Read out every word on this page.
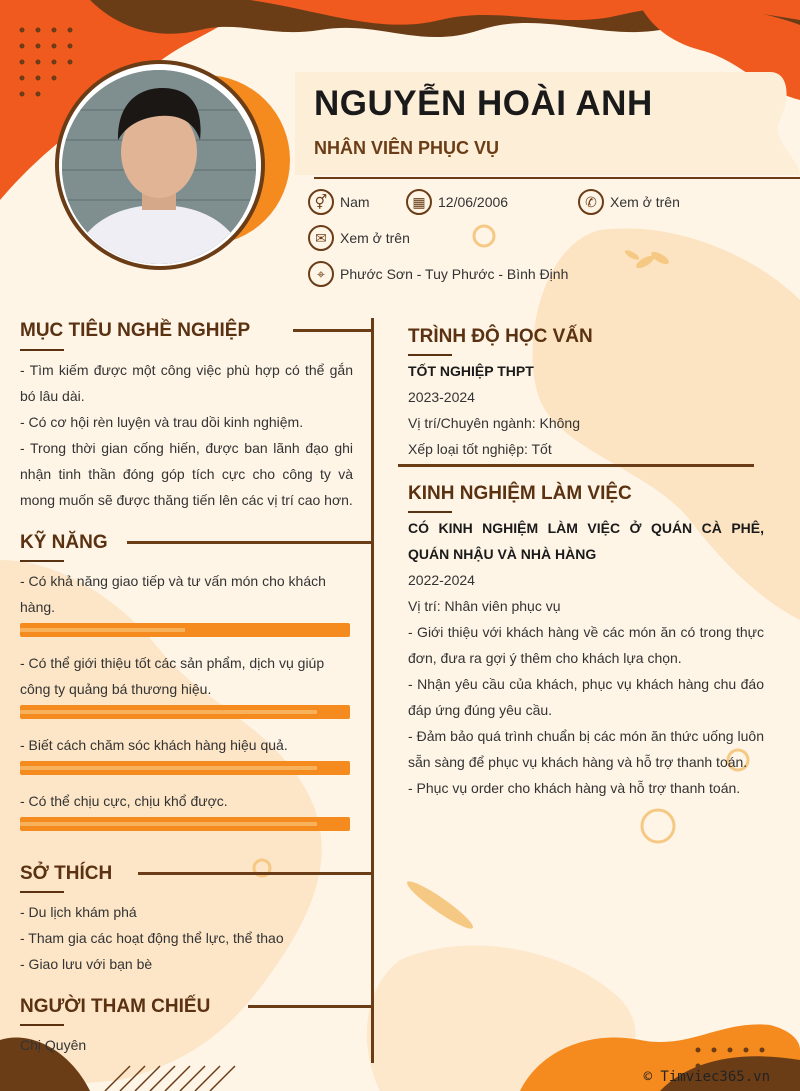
NGUYỄN HOÀI ANH
NHÂN VIÊN PHỤC VỤ
⚥ Nam	▦ 12/06/2006	✆ Xem ở trên
✉ Xem ở trên
⌖	Phước Sơn - Tuy Phước - Bình Định
MỤC TIÊU NGHỀ NGHIỆP

- Tìm kiếm được một công việc phù hợp có thể gắn bó lâu dài.

- Có cơ hội rèn luyện và trau dồi kinh nghiệm.

- Trong thời gian cống hiến, được ban lãnh đạo ghi nhận tinh thần đóng góp tích cực cho công ty và mong muốn sẽ được thăng tiến lên các vị trí cao hơn.

KỸ NĂNG
- Có khả năng giao tiếp và tư vấn món cho khách hàng.
- Có thể giới thiệu tốt các sản phẩm, dịch vụ giúp công ty quảng bá thương hiệu.
- Biết cách chăm sóc khách hàng hiệu quả.
- Có thể chịu cực, chịu khổ được.
SỞ THÍCH
- Du lịch khám phá
- Tham gia các hoạt động thể lực, thể thao
- Giao lưu với bạn bè
NGƯỜI THAM CHIẾU
Chị Quyên
TRÌNH ĐỘ HỌC VẤN
TỐT NGHIỆP THPT
2023-2024
Vị trí/Chuyên ngành: Không
Xếp loại tốt nghiệp: Tốt
KINH NGHIỆM LÀM VIỆC

CÓ KINH NGHIỆM LÀM VIỆC Ở QUÁN CÀ PHÊ, QUÁN NHẬU VÀ NHÀ HÀNG

2022-2024

Vị trí: Nhân viên phục vụ

- Giới thiệu với khách hàng về các món ăn có trong thực đơn, đưa ra gợi ý thêm cho khách lựa chọn.

- Nhận yêu cầu của khách, phục vụ khách hàng chu đáo đáp ứng đúng yêu cầu.

- Đảm bảo quá trình chuẩn bị các món ăn thức uống luôn sẵn sàng để phục vụ khách hàng và hỗ trợ thanh toán.

- Phục vụ order cho khách hàng và hỗ trợ thanh toán.

© Timviec365.vn
